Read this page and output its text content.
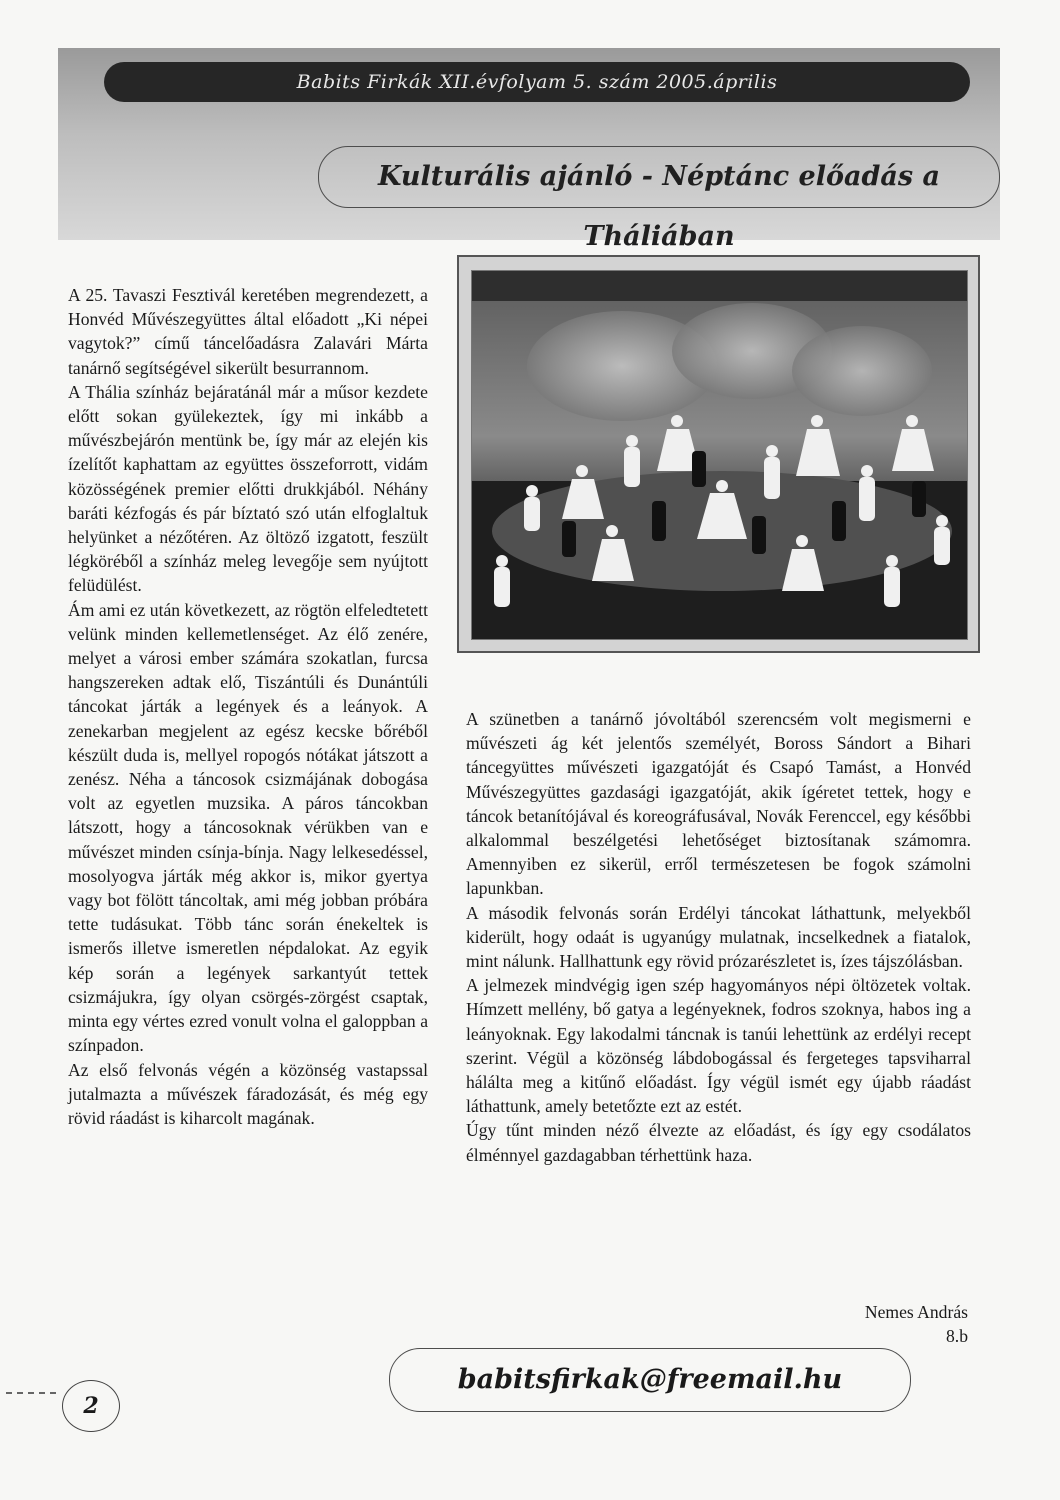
Babits Firkák XII.évfolyam 5. szám 2005.április
Kulturális ajánló - Néptánc előadás a Tháliában

A 25. Tavaszi Fesztivál keretében megrendezett, a Honvéd Művészegyüttes által előadott „Ki népei vagytok?” című táncelőadásra Zalavári Márta tanárnő segítségével sikerült besurrannom.

A Thália színház bejáratánál már a műsor kezdete előtt sokan gyülekeztek, így mi inkább a művészbejárón mentünk be, így már az elején kis ízelítőt kaphattam az együttes összeforrott, vidám közösségének premier előtti drukkjából. Néhány baráti kézfogás és pár bíztató szó után elfoglaltuk helyünket a nézőtéren. Az öltöző izgatott, feszült légköréből a színház meleg levegője sem nyújtott felüdülést.

Ám ami ez után következett, az rögtön elfeledtetett velünk minden kellemetlenséget. Az élő zenére, melyet a városi ember számára szokatlan, furcsa hangszereken adtak elő, Tiszántúli és Dunántúli táncokat járták a legények és a leányok. A zenekarban megjelent az egész kecske bőréből készült duda is, mellyel ropogós nótákat játszott a zenész. Néha a táncosok csizmájának dobogása volt az egyetlen muzsika. A páros táncokban látszott, hogy a táncosoknak vérükben van e művészet minden csínja-bínja. Nagy lelkesedéssel, mosolyogva járták még akkor is, mikor gyertya vagy bot fölött táncoltak, ami még jobban próbára tette tudásukat. Több tánc során énekeltek is ismerős illetve ismeretlen népdalokat. Az egyik kép során a legények sarkantyút tettek csizmájukra, így olyan csörgés-zörgést csaptak, minta egy vértes ezred vonult volna el galoppban a színpadon.

Az első felvonás végén a közönség vastapssal jutalmazta a művészek fáradozását, és még egy rövid ráadást is kiharcolt magának.

A szünetben a tanárnő jóvoltából szerencsém volt megismerni e művészeti ág két jelentős személyét, Boross Sándort a Bihari táncegyüttes művészeti igazgatóját és Csapó Tamást, a Honvéd Művészegyüttes gazdasági igazgatóját, akik ígéretet tettek, hogy e táncok betanítójával és koreográfusával, Novák Ferenccel, egy későbbi alkalommal beszélgetési lehetőséget biztosítanak számomra. Amennyiben ez sikerül, erről természetesen be fogok számolni lapunkban.

A második felvonás során Erdélyi táncokat láthattunk, melyekből kiderült, hogy odaát is ugyanúgy mulatnak, incselkednek a fiatalok, mint nálunk. Hallhattunk egy rövid prózarészletet is, ízes tájszólásban.

A jelmezek mindvégig igen szép hagyományos népi öltözetek voltak. Hímzett mellény, bő gatya a legényeknek, fodros szoknya, habos ing a leányoknak. Egy lakodalmi táncnak is tanúi lehettünk az erdélyi recept szerint. Végül a közönség lábdobogással és fergeteges tapsviharral hálálta meg a kitűnő előadást. Így végül ismét egy újabb ráadást láthattunk, amely betetőzte ezt az estét.

Úgy tűnt minden néző élvezte az előadást, és így egy csodálatos élménnyel gazdagabban térhettünk haza.

Nemes András
8.b
babitsfirkak@freemail.hu
2
